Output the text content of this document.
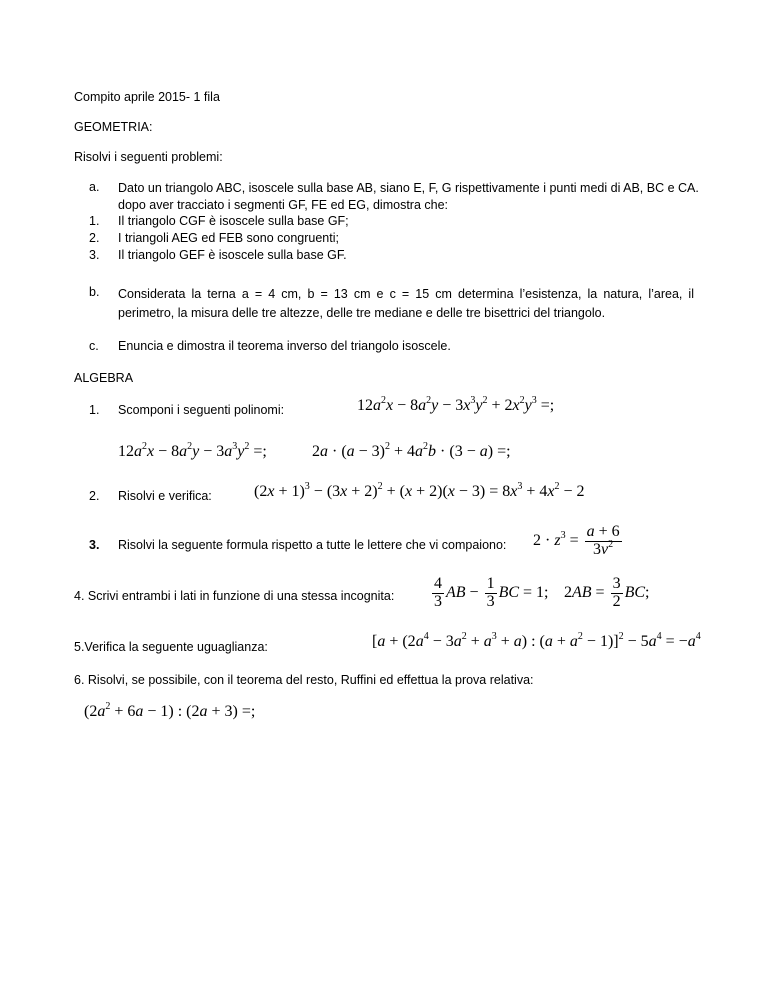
Compito aprile 2015- 1 fila
GEOMETRIA:
Risolvi i seguenti problemi:
a. Dato un triangolo ABC, isoscele sulla base AB, siano E, F, G rispettivamente i punti medi di AB, BC e CA. dopo aver tracciato i segmenti GF, FE ed EG, dimostra che:
1. Il triangolo CGF è isoscele sulla base GF;
2. I triangoli AEG ed FEB sono congruenti;
3. Il triangolo GEF è isoscele sulla base GF.
b. Considerata la terna a = 4 cm, b = 13 cm e c = 15 cm determina l’esistenza, la natura, l’area, il perimetro, la misura delle tre altezze, delle tre mediane e delle tre bisettrici del triangolo.
c. Enuncia e dimostra il teorema inverso del triangolo isoscele.
ALGEBRA
1. Scomponi i seguenti polinomi:	$12a^2x - 8a^2y - 3x^3y^2 + 2x^2y^3$ =;
$12a^2x - 8a^2y - 3a^3y^2$ =;	$2a \cdot (a - 3)^2 + 4a^2b \cdot (3 - a)$ =;
2. Risolvi e verifica:	$(2x + 1)^3 - (3x + 2)^2 + (x + 2)(x - 3) = 8x^3 + 4x^2 - 2$
3. Risolvi la seguente formula rispetto a tutte le lettere che vi compaiono: $2 \cdot z^3 = \frac{a + 6}{3v^2}$
4. Scrivi entrambi i lati in funzione di una stessa incognita: $\frac{4}{3}$ AB − $\frac{1}{3}$ BC = 1; $2AB = \frac{3}{2}$ BC;
5.Verifica la seguente uguaglianza:	[$a + (2a^4 - 3a^2 + a^3 + a)$ : $(a + a^2 - 1)]^2 - 5a^4 = -a^4$
6. Risolvi, se possibile, con il teorema del resto, Ruffini ed effettua la prova relativa:
$(2a^2 + 6a - 1)$ : (2a + 3) =;
